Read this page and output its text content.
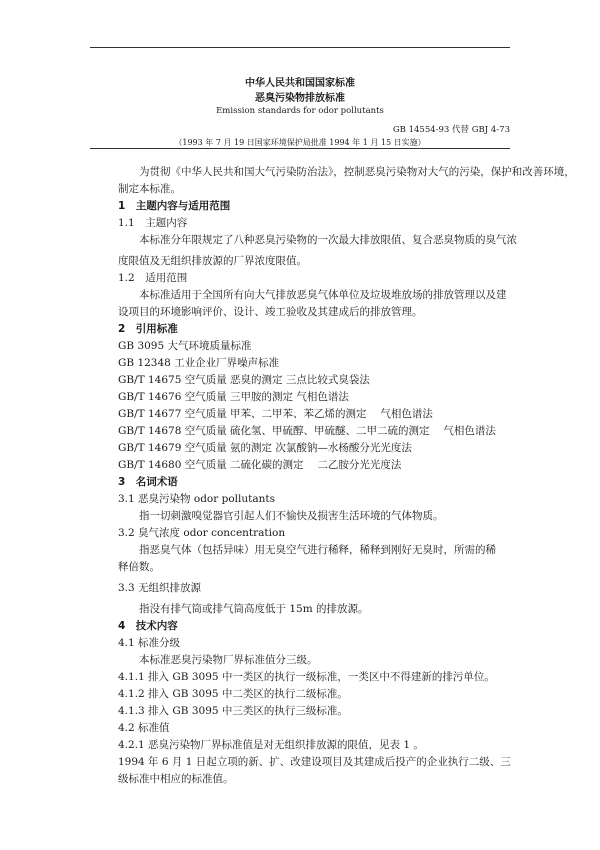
中华人民共和国国家标准
恶臭污染物排放标准
Emission standards for odor pollutants
GB 14554-93 代替 GBJ 4-73
（1993 年 7 月 19 日国家环境保护局批准 1994 年 1 月 15 日实施）
为贯彻《中华人民共和国大气污染防治法》，控制恶臭污染物对大气的污染，保护和改善环境，
制定本标准。
1　主题内容与适用范围
1.1　主题内容
本标准分年限规定了八种恶臭污染物的一次最大排放限值、复合恶臭物质的臭气浓
度限值及无组织排放源的厂界浓度限值。
1.2　适用范围
本标准适用于全国所有向大气排放恶臭气体单位及垃圾堆放场的排放管理以及建
设项目的环境影响评价、设计、竣工验收及其建成后的排放管理。
2　引用标准
GB 3095 大气环境质量标准
GB 12348 工业企业厂界噪声标准
GB/T 14675 空气质量 恶臭的测定 三点比较式臭袋法
GB/T 14676 空气质量 三甲胺的测定 气相色谱法
GB/T 14677 空气质量 甲苯、二甲苯、苯乙烯的测定　 气相色谱法
GB/T 14678 空气质量 硫化氢、甲硫醇、甲硫醚、二甲二硫的测定　 气相色谱法
GB/T 14679 空气质量 氨的测定 次氯酸钠—水杨酸分光光度法
GB/T 14680 空气质量 二硫化碳的测定　 二乙胺分光光度法
3　名词术语
3.1 恶臭污染物 odor pollutants
指一切刺激嗅觉器官引起人们不愉快及损害生活环境的气体物质。
3.2 臭气浓度 odor concentration
指恶臭气体（包括异味）用无臭空气进行稀释，稀释到刚好无臭时，所需的稀
释倍数。
3.3 无组织排放源
指没有排气筒或排气筒高度低于 15m 的排放源。
4　技术内容
4.1 标准分级
本标准恶臭污染物厂界标准值分三级。
4.1.1 排入 GB 3095 中一类区的执行一级标准，一类区中不得建新的排污单位。
4.1.2 排入 GB 3095 中二类区的执行二级标准。
4.1.3 排入 GB 3095 中三类区的执行三级标准。
4.2 标准值
4.2.1 恶臭污染物厂界标准值是对无组织排放源的限值，见表 1 。
1994 年 6 月 1 日起立项的新、扩、改建设项目及其建成后投产的企业执行二级、三
级标准中相应的标准值。
